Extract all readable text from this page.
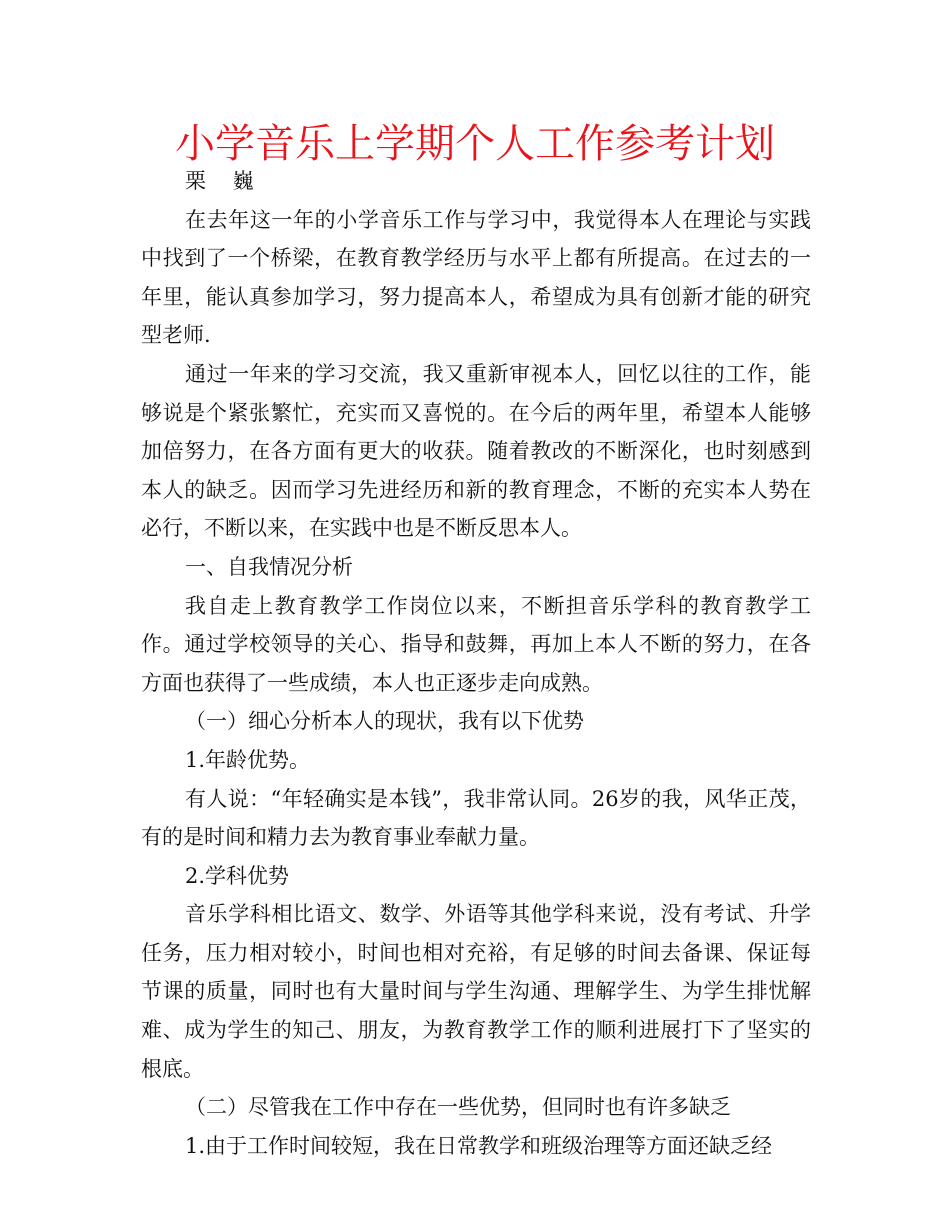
小学音乐上学期个人工作参考计划

栗 巍

在去年这一年的小学音乐工作与学习中，我觉得本人在理论与实践中找到了一个桥梁，在教育教学经历与水平上都有所提高。在过去的一年里，能认真参加学习，努力提高本人，希望成为具有创新才能的研究型老师.

通过一年来的学习交流，我又重新审视本人，回忆以往的工作，能够说是个紧张繁忙，充实而又喜悦的。在今后的两年里，希望本人能够加倍努力，在各方面有更大的收获。随着教改的不断深化，也时刻感到本人的缺乏。因而学习先进经历和新的教育理念，不断的充实本人势在必行，不断以来，在实践中也是不断反思本人。

一、自我情况分析

我自走上教育教学工作岗位以来，不断担音乐学科的教育教学工作。通过学校领导的关心、指导和鼓舞，再加上本人不断的努力，在各方面也获得了一些成绩，本人也正逐步走向成熟。

（一）细心分析本人的现状，我有以下优势

1.年龄优势。

有人说：“年轻确实是本钱”，我非常认同。26岁的我，风华正茂，有的是时间和精力去为教育事业奉献力量。

2.学科优势

音乐学科相比语文、数学、外语等其他学科来说，没有考试、升学任务，压力相对较小，时间也相对充裕，有足够的时间去备课、保证每节课的质量，同时也有大量时间与学生沟通、理解学生、为学生排忧解难、成为学生的知己、朋友，为教育教学工作的顺利进展打下了坚实的根底。

（二）尽管我在工作中存在一些优势，但同时也有许多缺乏

1.由于工作时间较短，我在日常教学和班级治理等方面还缺乏经
